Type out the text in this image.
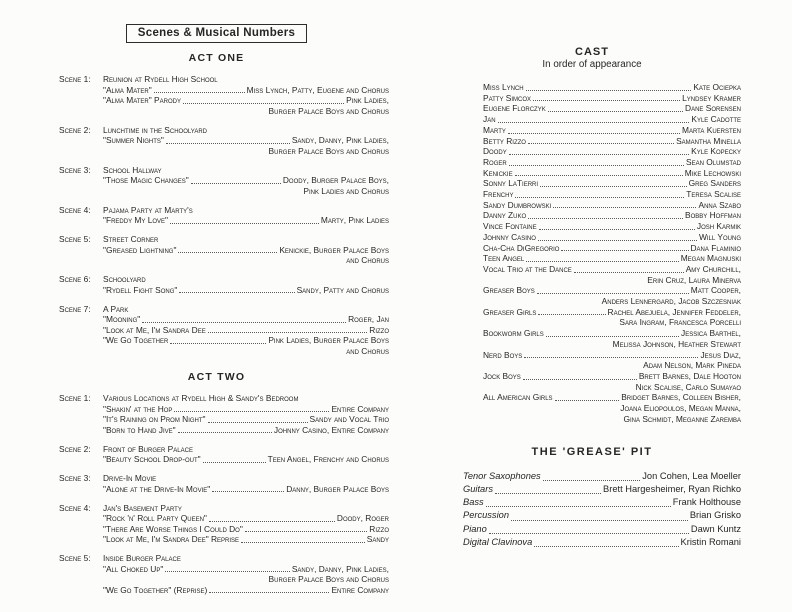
Scenes & Musical Numbers
ACT ONE
Scene 1:	Reunion at Rydell High School
"Alma Mater"	Miss Lynch, Patty, Eugene and Chorus
"Alma Mater" Parody	Pink Ladies,
Burger Palace Boys and Chorus
Scene 2:	Lunchtime in the Schoolyard
"Summer Nights"	Sandy, Danny, Pink Ladies,
Burger Palace Boys and Chorus
Scene 3:	School Hallway
"Those Magic Changes"	Doody, Burger Palace Boys,
Pink Ladies and Chorus
Scene 4:	Pajama Party at Marty's
"Freddy My Love"	Marty, Pink Ladies
Scene 5:	Street Corner
"Greased Lightning"	Kenickie, Burger Palace Boys
and Chorus
Scene 6:	Schoolyard
"Rydell Fight Song"	Sandy, Patty and Chorus
Scene 7:	A Park
"Mooning"	Roger, Jan
"Look at Me, I'm Sandra Dee	Rizzo
"We Go Together	Pink Ladies, Burger Palace Boys
and Chorus
ACT TWO
Scene 1:	Various Locations at Rydell High & Sandy's Bedroom
"Shakin' at the Hop	Entire Company
"It's Raining on Prom Night"	Sandy and Vocal Trio
"Born to Hand Jive"	Johnny Casino, Entire Company
Scene 2:	Front of Burger Palace
"Beauty School Drop-out"	Teen Angel, Frenchy and Chorus
Scene 3:	Drive-In Movie
"Alone at the Drive-In Movie"	Danny, Burger Palace Boys
Scene 4:	Jan's Basement Party
"Rock 'n' Roll Party Queen"	Doody, Roger
"There Are Worse Things I Could Do"	Rizzo
"Look at Me, I'm Sandra Dee" Reprise	Sandy
Scene 5:	Inside Burger Palace
"All Choked Up"	Sandy, Danny, Pink Ladies,
Burger Palace Boys and Chorus
"We Go Together" (Reprise)	Entire Company
CAST
In order of appearance
Miss Lynch	Kate Ociepka
Patty Simcox	Lyndsey Kramer
Eugene Florczyk	Dane Sorensen
Jan	Kyle Cadotte
Marty	Marta Kuersten
Betty Rizzo	Samantha Minella
Doody	Kyle Kopecky
Roger	Sean Olumstad
Kenickie	Mike Lechowski
Sonny LaTierri	Greg Sanders
Frenchy	Teresa Scalise
Sandy Dumbrowski	Anna Szabo
Danny Zuko	Bobby Hoffman
Vince Fontaine	Josh Karmik
Johnny Casino	Will Young
Cha-Cha DiGregorio	Dana Flaminio
Teen Angel	Megan Magnuski
Vocal Trio at the Dance	Amy Churchill,
Erin Cruz, Laura Minerva
Greaser Boys	Matt Cooper,
Anders Lennergard, Jacob Szczesniak
Greaser Girls	Rachel Abejuela, Jennifer Feddeler,
Sara Ingram, Francesca Porcelli
Bookworm Girls	Jessica Barthel,
Melissa Johnson, Heather Stewart
Nerd Boys	Jesus Diaz,
Adam Nelson, Mark Pineda
Jock Boys	Brett Barnes, Dale Hooton
Nick Scalise, Carlo Sumayao
All American Girls	Bridget Barnes, Colleen Bisher,
Joana Eliopoulos, Megan Manna,
Gina Schmidt, Meganne Zaremba
THE 'GREASE' PIT
Tenor Saxophones	Jon Cohen, Lea Moeller
Guitars	Brett Hargesheimer, Ryan Richko
Bass	Frank Holthouse
Percussion	Brian Grisko
Piano	Dawn Kuntz
Digital Clavinova	Kristin Romani
